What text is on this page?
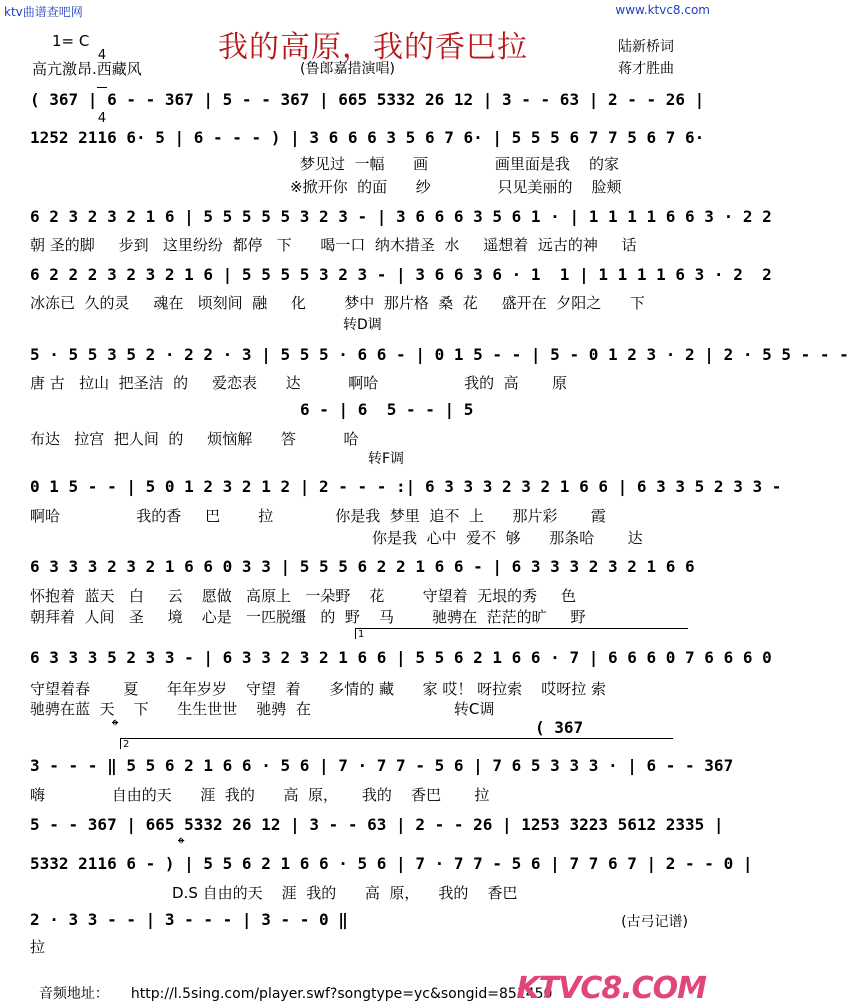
ktv曲谱查吧网	www.ktvc8.com
我的高原，我的香巴拉
1= C

4

4

高亢激昂.西藏风	(鲁郎嘉措演唱)
陆新桥词
蒋才胜曲
( 367 | 6 - - 367 | 5 - - 367 | 665 5332 26 12 | 3 - - 63 | 2 - - 26 |
1252 2116 6· 5 | 6 - - - ) | 3 6 6 6 3 5 6 7 6· | 5 5 5 6 7 7 5 6 7 6·
梦见过  一幅      画              画里面是我    的家
※掀开你  的面      纱              只见美丽的    脸颊
6 2 3 2 3 2 1 6 | 5 5 5 5 5 3 2 3 - | 3 6 6 6 3 5 6 1 · | 1 1 1 1 6 6 3 · 2 2
朝 圣的脚     步到   这里纷纷  都停   下      喝一口  纳木措圣  水     遥想着  远古的神     话
6 2 2 2 3 2 3 2 1 6 | 5 5 5 5 3 2 3 - | 3 6 6 3 6 · 1  1 | 1 1 1 1 6 3 · 2  2
冰冻已  久的灵     魂在   顷刻间  融     化        梦中  那片格  桑  花     盛开在  夕阳之      下
转D调
5 · 5 5 3 5 2 · 2 2 · 3 | 5 5 5 · 6 6 - | 0 1 5 - - | 5 - 0 1 2 3 · 2 | 2 · 5 5 - - -
唐 古   拉山  把圣洁  的     爱恋表      达          啊哈                  我的  高       原
6 - | 6  5 - - | 5
布达   拉宫  把人间  的     烦恼解      答          哈
转F调
0 1 5 - - | 5 0 1 2 3 2 1 2 | 2 - - - :| 6 3 3 3 2 3 2 1 6 6 | 6 3 3 5 2 3 3 -
啊哈                我的香     巴        拉             你是我  梦里  追不  上      那片彩       霞
你是我  心中  爱不  够      那条哈       达
6 3 3 3 2 3 2 1 6 6 0 3 3 | 5 5 5 6 2 2 1 6 6 - | 6 3 3 3 2 3 2 1 6 6
怀抱着  蓝天   白     云    愿做   高原上   一朵野    花        守望着  无垠的秀     色
朝拜着  人间   圣     境    心是   一匹脱缰   的  野    马        驰骋在  茫茫的旷     野
1
6 3 3 3 5 2 3 3 - | 6 3 3 2 3 2 1 6 6 | 5 5 6 2 1 6 6 · 7 | 6 6 6 0 7 6 6 6 0
守望着春       夏      年年岁岁    守望  着      多情的 藏      家 哎！ 呀拉索    哎呀拉 索
驰骋在蓝  天    下      生生世世    驰骋  在                              转C调
𝄌	( 367
2
3 - - - ‖ 5 5 6 2 1 6 6 · 5 6 | 7 · 7 7 - 5 6 | 7 6 5 3 3 3 · | 6 - - 367
嗨              自由的天      涯  我的      高  原，     我的    香巴       拉
5 - - 367 | 665 5332 26 12 | 3 - - 63 | 2 - - 26 | 1253 3223 5612 2335 |
𝄌
5332 2116 6 - ) | 5 5 6 2 1 6 6 · 5 6 | 7 · 7 7 - 5 6 | 7 7 6 7 | 2 - - 0 |
D.S 自由的天    涯  我的      高  原，    我的    香巴
2 · 3 3 - - | 3 - - - | 3 - - 0 ‖
拉
(古弓记谱)

音频地址： http://l.5sing.com/player.swf?songtype=yc&songid=851450

KTVC8.COM
